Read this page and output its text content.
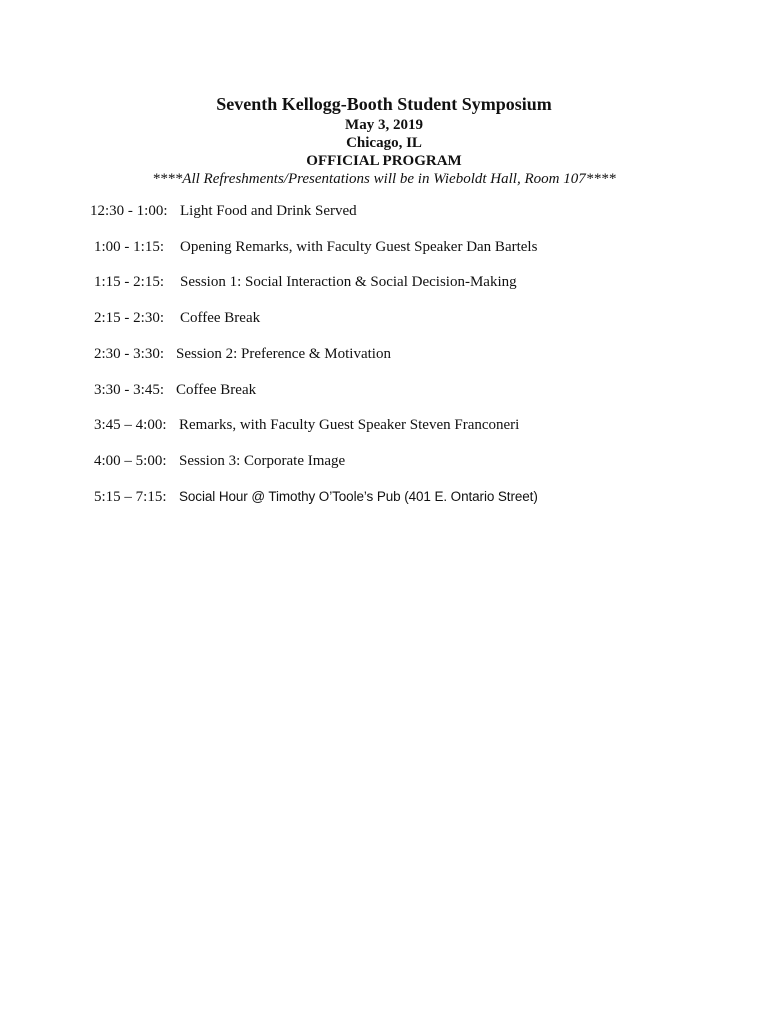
Seventh Kellogg-Booth Student Symposium

May 3, 2019

Chicago, IL

OFFICIAL PROGRAM

****All Refreshments/Presentations will be in Wieboldt Hall, Room 107****

12:30 - 1:00: Light Food and Drink Served
1:00 - 1:15: Opening Remarks, with Faculty Guest Speaker Dan Bartels
1:15 - 2:15: Session 1: Social Interaction & Social Decision-Making
2:15 - 2:30: Coffee Break
2:30 - 3:30: Session 2: Preference & Motivation
3:30 - 3:45: Coffee Break
3:45 – 4:00: Remarks, with Faculty Guest Speaker Steven Franconeri
4:00 – 5:00: Session 3: Corporate Image
5:15 – 7:15: Social Hour @ Timothy O’Toole’s Pub (401 E. Ontario Street)
